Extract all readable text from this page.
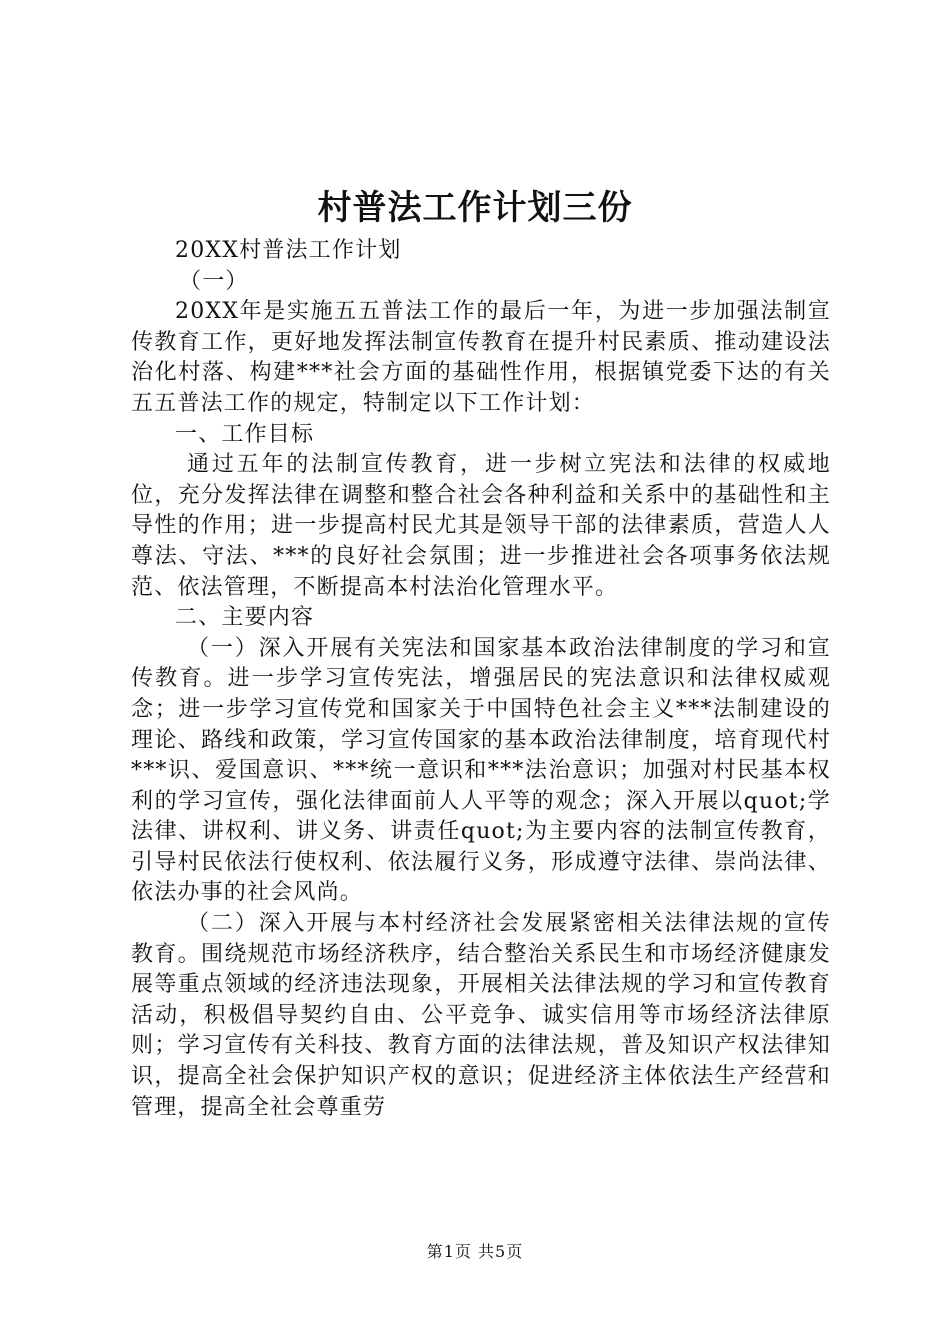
村普法工作计划三份

20XX村普法工作计划

（一）

20XX年是实施五五普法工作的最后一年，为进一步加强法制宣传教育工作，更好地发挥法制宣传教育在提升村民素质、推动建设法治化村落、构建***社会方面的基础性作用，根据镇党委下达的有关五五普法工作的规定，特制定以下工作计划：

一、工作目标

通过五年的法制宣传教育，进一步树立宪法和法律的权威地位，充分发挥法律在调整和整合社会各种利益和关系中的基础性和主导性的作用；进一步提高村民尤其是领导干部的法律素质，营造人人尊法、守法、***的良好社会氛围；进一步推进社会各项事务依法规范、依法管理，不断提高本村法治化管理水平。

二、主要内容

（一）深入开展有关宪法和国家基本政治法律制度的学习和宣传教育。进一步学习宣传宪法，增强居民的宪法意识和法律权威观念；进一步学习宣传党和国家关于中国特色社会主义***法制建设的理论、路线和政策，学习宣传国家的基本政治法律制度，培育现代村***识、爱国意识、***统一意识和***法治意识；加强对村民基本权利的学习宣传，强化法律面前人人平等的观念；深入开展以quot;学法律、讲权利、讲义务、讲责任quot;为主要内容的法制宣传教育，引导村民依法行使权利、依法履行义务，形成遵守法律、崇尚法律、依法办事的社会风尚。

（二）深入开展与本村经济社会发展紧密相关法律法规的宣传教育。围绕规范市场经济秩序，结合整治关系民生和市场经济健康发展等重点领域的经济违法现象，开展相关法律法规的学习和宣传教育活动，积极倡导契约自由、公平竞争、诚实信用等市场经济法律原则；学习宣传有关科技、教育方面的法律法规，普及知识产权法律知识，提高全社会保护知识产权的意识；促进经济主体依法生产经营和管理，提高全社会尊重劳

第1页 共5页
